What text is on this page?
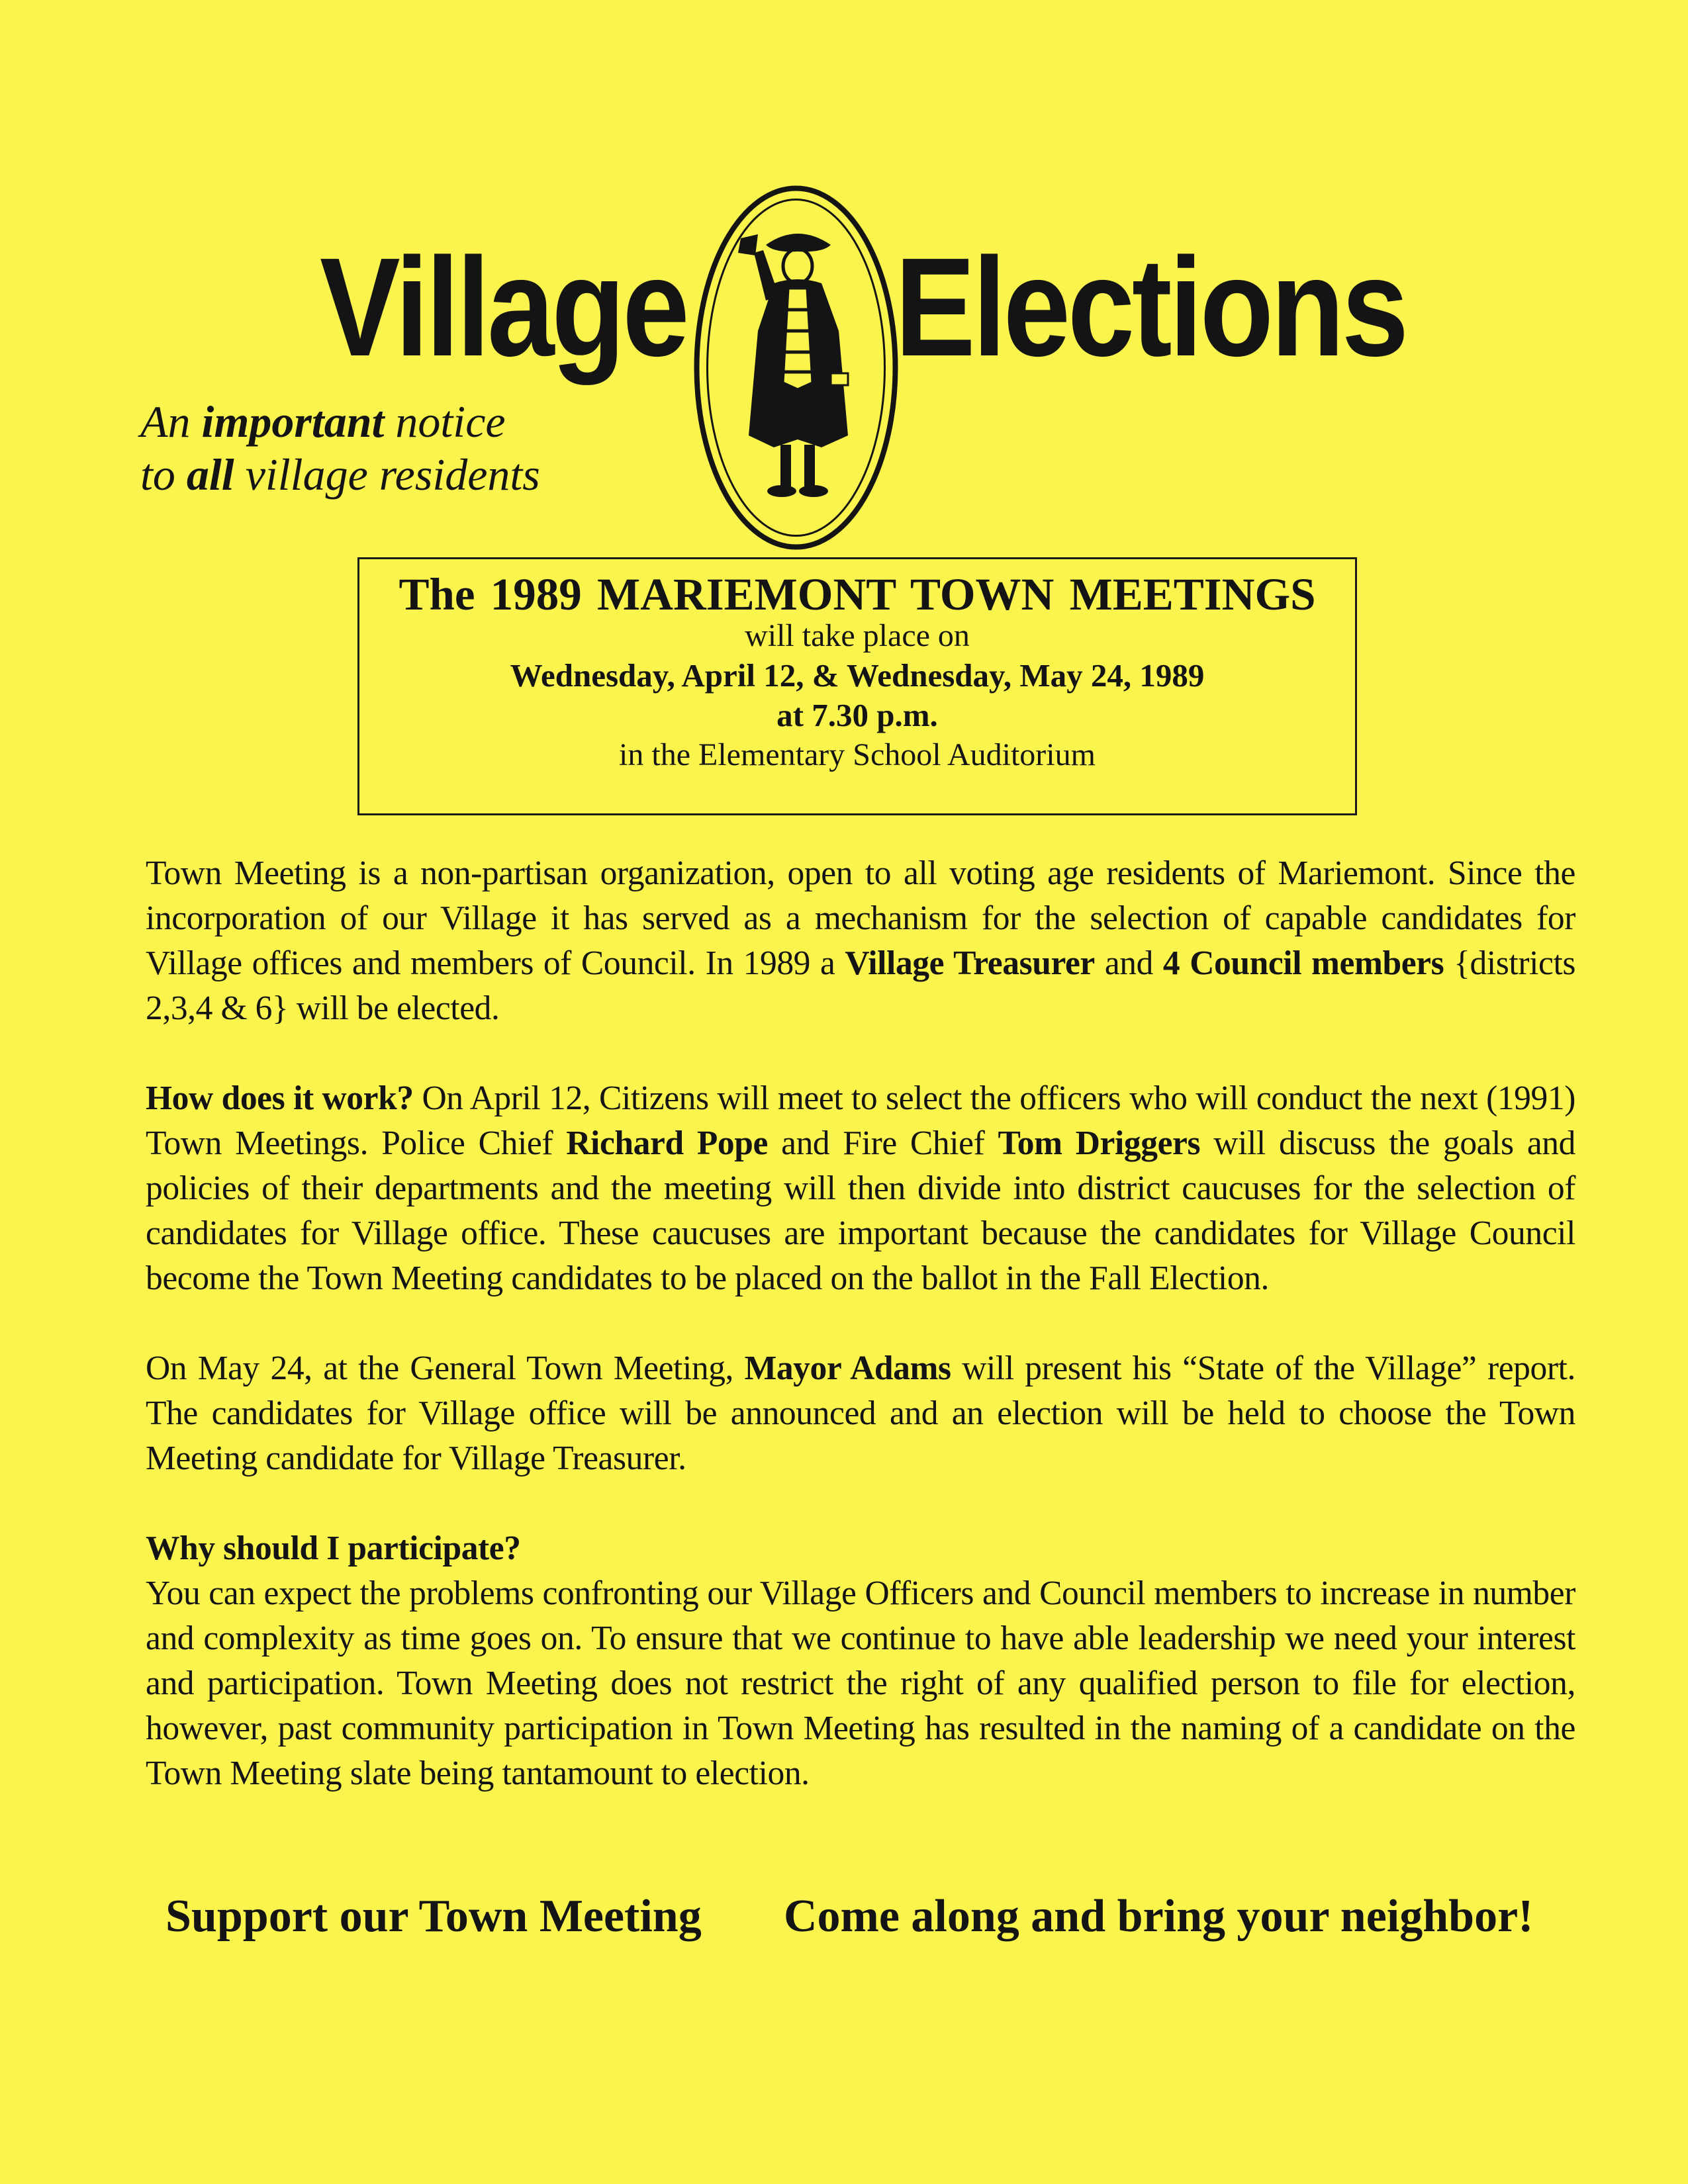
Village Elections
An important notice
to all village residents
The 1989 MARIEMONT TOWN MEETINGS
will take place on
Wednesday, April 12, & Wednesday, May 24, 1989
at 7.30 p.m.
in the Elementary School Auditorium

Town Meeting is a non-partisan organization, open to all voting age residents of Mariemont. Since the incorporation of our Village it has served as a mechanism for the selection of capable candidates for Village offices and members of Council. In 1989 a Village Treasurer and 4 Council members {districts 2,3,4 & 6} will be elected.

How does it work? On April 12, Citizens will meet to select the officers who will conduct the next (1991) Town Meetings. Police Chief Richard Pope and Fire Chief Tom Driggers will discuss the goals and policies of their departments and the meeting will then divide into district caucuses for the selection of candidates for Village office. These caucuses are important because the candidates for Village Council become the Town Meeting candidates to be placed on the ballot in the Fall Election.

On May 24, at the General Town Meeting, Mayor Adams will present his “State of the Village” report. The candidates for Village office will be announced and an election will be held to choose the Town Meeting candidate for Village Treasurer.

Why should I participate?
You can expect the problems confronting our Village Officers and Council members to increase in number and complexity as time goes on. To ensure that we continue to have able leadership we need your interest and participation. Town Meeting does not restrict the right of any qualified person to file for election, however, past community participation in Town Meeting has resulted in the naming of a candidate on the Town Meeting slate being tantamount to election.

Support our Town Meeting Come along and bring your neighbor!
